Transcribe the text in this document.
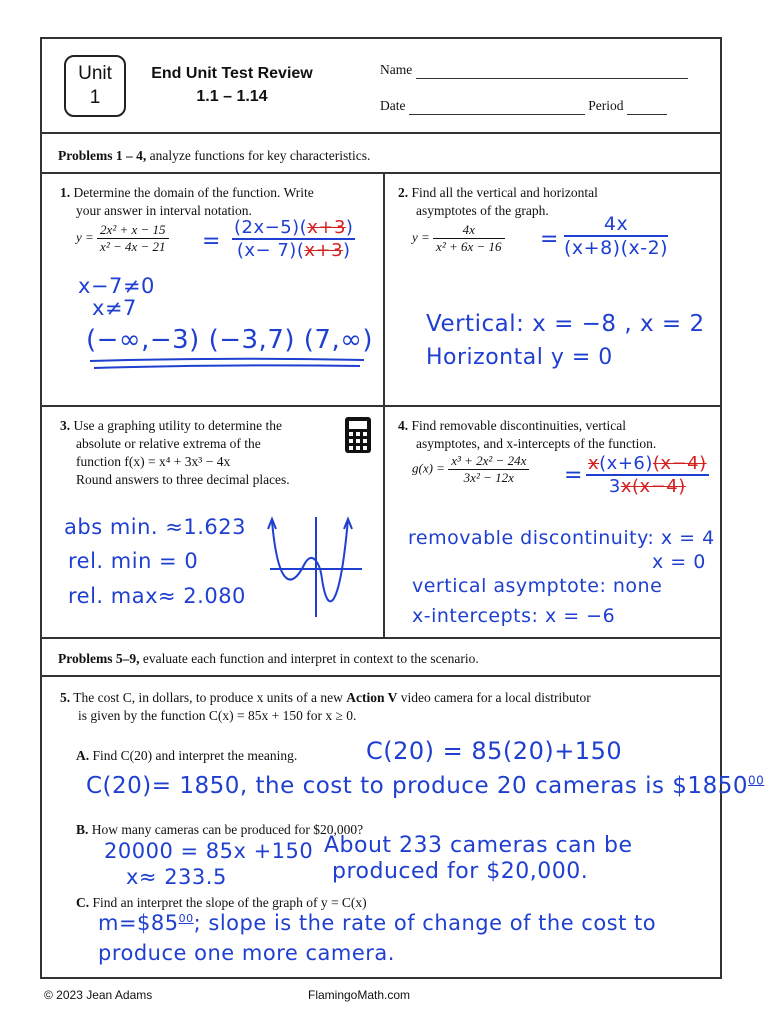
Unit
1
End Unit Test Review
1.1 – 1.14
Name
Date	Period
Problems 1 – 4, analyze functions for key characteristics.
1. Determine the domain of the function. Write
your answer in interval notation.
$y = \frac{\text{2x² + x − 15}}{\text{x² − 4x − 21}}$ =
(2x−5)(x+3)
(x− 7)(x+3)
x−7≠0
x≠7
(−∞,−3) (−3,7) (7,∞)
2. Find all the vertical and horizontal
asymptotes of the graph.
$y = \frac{4x}{\text{x² + 6x − 16}} = \frac{4x}{(x+8)(x-2)}$
Vertical: x = −8 , x = 2
Horizontal y = 0
3. Use a graphing utility to determine the
absolute or relative extrema of the
function f(x) = x⁴ + 3x³ − 4x
Round answers to three decimal places.
abs min. ≈1.623
rel. min = 0
rel. max≈ 2.080
4. Find removable discontinuities, vertical
asymptotes, and x-intercepts of the function.
$g(x) = \frac{\text{x³ + 2x² − 24x}}{\text{3x² − 12x}} = x(x+6)(x-4)$
3x(x−4)
removable discontinuity: x = 4
x = 0
vertical asymptote: none
x-intercepts: x = −6
Problems 5–9, evaluate each function and interpret in context to the scenario.
5. The cost C, in dollars, to produce x units of a new Action V video camera for a local distributor
is given by the function C(x) = 85x + 150 for x ≥ 0.
A. Find C(20) and interpret the meaning.	C(20) = 85(20)+150
C(20)= 1850, the cost to produce 20 cameras is $1850$^{00}$
B. How many cameras can be produced for $20,000?
20000 = 85x +150
x≈ 233.5
About 233 cameras can be
produced for $20,000.
C. Find an interpret the slope of the graph of y = C(x)
$m=\$85^{00}$; slope is the rate of change of the cost to
produce one more camera.
© 2023 Jean Adams	FlamingoMath.com
